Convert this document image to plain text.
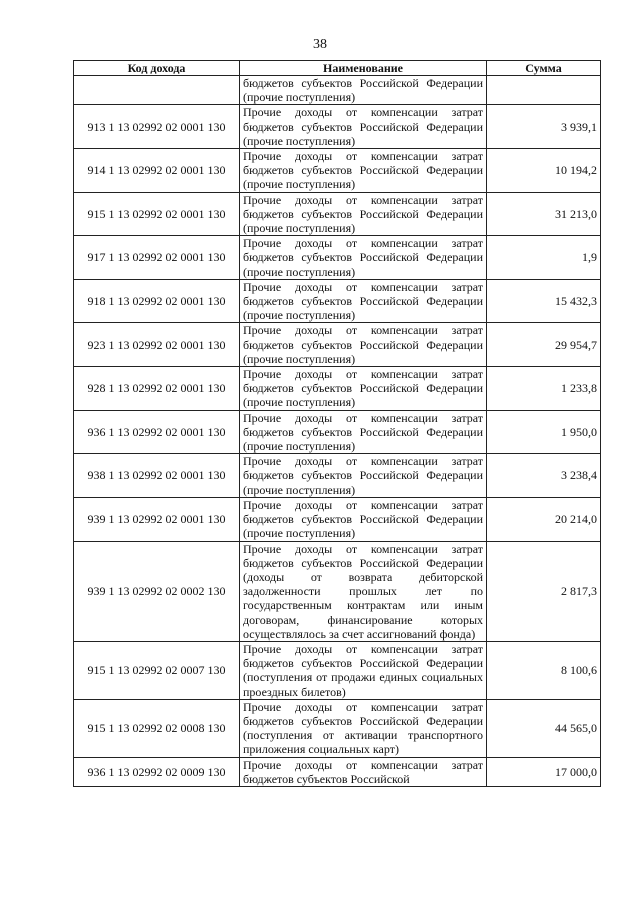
38
Код дохода	Наименование	Сумма
	бюджетов субъектов Российской Федерации (прочие поступления)	
913 1 13 02992 02 0001 130	Прочие доходы от компенсации затрат бюджетов субъектов Российской Федерации (прочие поступления)	3 939,1
914 1 13 02992 02 0001 130	Прочие доходы от компенсации затрат бюджетов субъектов Российской Федерации (прочие поступления)	10 194,2
915 1 13 02992 02 0001 130	Прочие доходы от компенсации затрат бюджетов субъектов Российской Федерации (прочие поступления)	31 213,0
917 1 13 02992 02 0001 130	Прочие доходы от компенсации затрат бюджетов субъектов Российской Федерации (прочие поступления)	1,9
918 1 13 02992 02 0001 130	Прочие доходы от компенсации затрат бюджетов субъектов Российской Федерации (прочие поступления)	15 432,3
923 1 13 02992 02 0001 130	Прочие доходы от компенсации затрат бюджетов субъектов Российской Федерации (прочие поступления)	29 954,7
928 1 13 02992 02 0001 130	Прочие доходы от компенсации затрат бюджетов субъектов Российской Федерации (прочие поступления)	1 233,8
936 1 13 02992 02 0001 130	Прочие доходы от компенсации затрат бюджетов субъектов Российской Федерации (прочие поступления)	1 950,0
938 1 13 02992 02 0001 130	Прочие доходы от компенсации затрат бюджетов субъектов Российской Федерации (прочие поступления)	3 238,4
939 1 13 02992 02 0001 130	Прочие доходы от компенсации затрат бюджетов субъектов Российской Федерации (прочие поступления)	20 214,0
939 1 13 02992 02 0002 130	Прочие доходы от компенсации затрат бюджетов субъектов Российской Федерации (доходы от возврата дебиторской задолженности прошлых лет по государственным контрактам или иным договорам, финансирование которых осуществлялось за счет ассигнований фонда)	2 817,3
915 1 13 02992 02 0007 130	Прочие доходы от компенсации затрат бюджетов субъектов Российской Федерации (поступления от продажи единых социальных проездных билетов)	8 100,6
915 1 13 02992 02 0008 130	Прочие доходы от компенсации затрат бюджетов субъектов Российской Федерации (поступления от активации транспортного приложения социальных карт)	44 565,0
936 1 13 02992 02 0009 130	Прочие доходы от компенсации затрат бюджетов субъектов Российской	17 000,0
